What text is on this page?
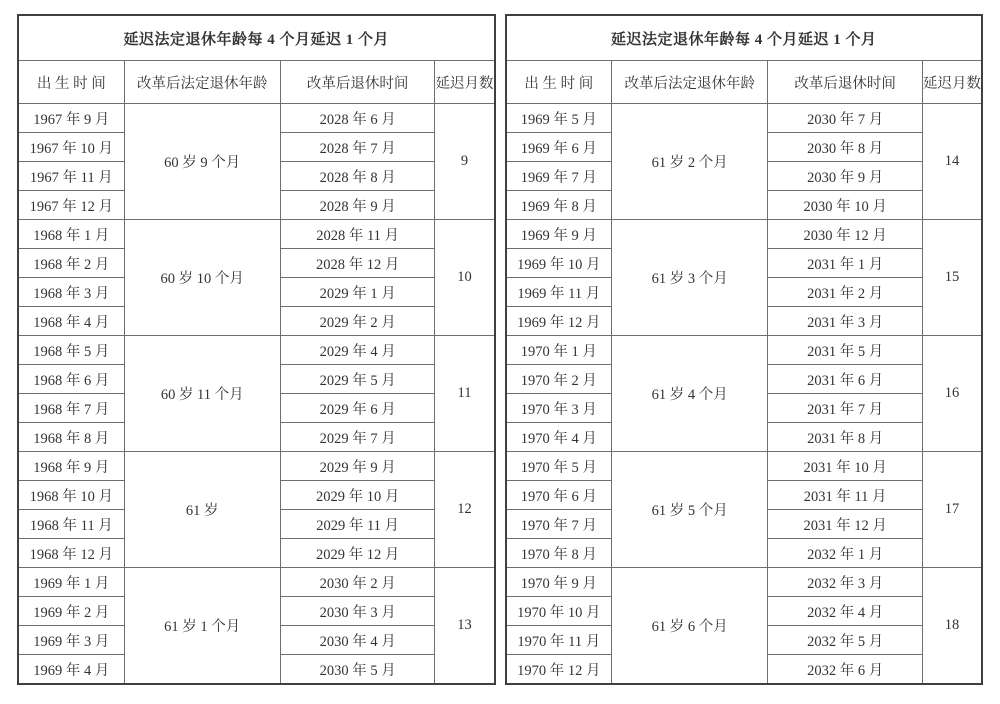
延迟法定退休年龄每 4 个月延迟 1 个月			
出 生 时 间	改革后法定退休年龄	改革后退休时间	延迟月数
1967 年 9 月	60 岁 9 个月	2028 年 6 月	9
1967 年 10 月		2028 年 7 月	
1967 年 11 月		2028 年 8 月	
1967 年 12 月		2028 年 9 月	
1968 年 1 月	60 岁 10 个月	2028 年 11 月	10
1968 年 2 月		2028 年 12 月	
1968 年 3 月		2029 年 1 月	
1968 年 4 月		2029 年 2 月	
1968 年 5 月	60 岁 11 个月	2029 年 4 月	11
1968 年 6 月		2029 年 5 月	
1968 年 7 月		2029 年 6 月	
1968 年 8 月		2029 年 7 月	
1968 年 9 月	61 岁	2029 年 9 月	12
1968 年 10 月		2029 年 10 月	
1968 年 11 月		2029 年 11 月	
1968 年 12 月		2029 年 12 月	
1969 年 1 月	61 岁 1 个月	2030 年 2 月	13
1969 年 2 月		2030 年 3 月	
1969 年 3 月		2030 年 4 月	
1969 年 4 月		2030 年 5 月	
延迟法定退休年龄每 4 个月延迟 1 个月			
出 生 时 间	改革后法定退休年龄	改革后退休时间	延迟月数
1969 年 5 月	61 岁 2 个月	2030 年 7 月	14
1969 年 6 月		2030 年 8 月	
1969 年 7 月		2030 年 9 月	
1969 年 8 月		2030 年 10 月	
1969 年 9 月	61 岁 3 个月	2030 年 12 月	15
1969 年 10 月		2031 年 1 月	
1969 年 11 月		2031 年 2 月	
1969 年 12 月		2031 年 3 月	
1970 年 1 月	61 岁 4 个月	2031 年 5 月	16
1970 年 2 月		2031 年 6 月	
1970 年 3 月		2031 年 7 月	
1970 年 4 月		2031 年 8 月	
1970 年 5 月	61 岁 5 个月	2031 年 10 月	17
1970 年 6 月		2031 年 11 月	
1970 年 7 月		2031 年 12 月	
1970 年 8 月		2032 年 1 月	
1970 年 9 月	61 岁 6 个月	2032 年 3 月	18
1970 年 10 月		2032 年 4 月	
1970 年 11 月		2032 年 5 月	
1970 年 12 月		2032 年 6 月	
